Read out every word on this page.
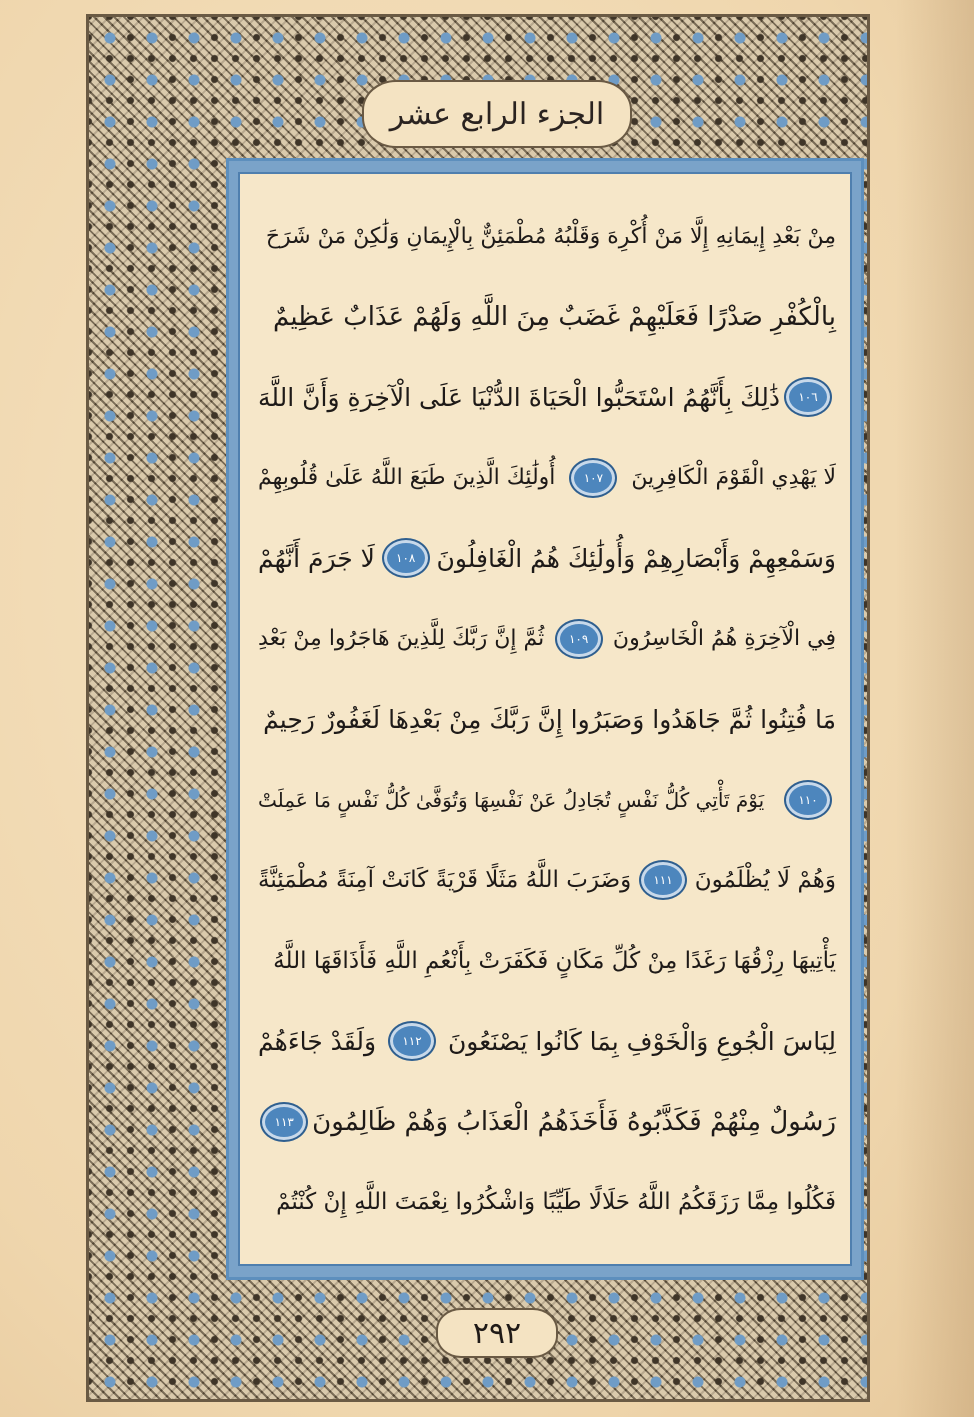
الجزء الرابع عشر
مِنْ بَعْدِ إِيمَانِهِ إِلَّا مَنْ أُكْرِهَ وَقَلْبُهُ مُطْمَئِنٌّ بِالْإِيمَانِ وَلَٰكِنْ مَنْ شَرَحَ
بِالْكُفْرِ صَدْرًا فَعَلَيْهِمْ غَضَبٌ مِنَ اللَّهِ وَلَهُمْ عَذَابٌ عَظِيمٌ
١٠٦
ذَٰلِكَ بِأَنَّهُمُ اسْتَحَبُّوا الْحَيَاةَ الدُّنْيَا عَلَى الْآخِرَةِ وَأَنَّ اللَّهَ
لَا يَهْدِي الْقَوْمَ الْكَافِرِينَ
١٠٧
أُولَٰئِكَ الَّذِينَ طَبَعَ اللَّهُ عَلَىٰ قُلُوبِهِمْ
وَسَمْعِهِمْ وَأَبْصَارِهِمْ وَأُولَٰئِكَ هُمُ الْغَافِلُونَ
١٠٨
لَا جَرَمَ أَنَّهُمْ
فِي الْآخِرَةِ هُمُ الْخَاسِرُونَ
١٠٩
ثُمَّ إِنَّ رَبَّكَ لِلَّذِينَ هَاجَرُوا مِنْ بَعْدِ
مَا فُتِنُوا ثُمَّ جَاهَدُوا وَصَبَرُوا إِنَّ رَبَّكَ مِنْ بَعْدِهَا لَغَفُورٌ رَحِيمٌ
١١٠
يَوْمَ تَأْتِي كُلُّ نَفْسٍ تُجَادِلُ عَنْ نَفْسِهَا وَتُوَفَّىٰ كُلُّ نَفْسٍ مَا عَمِلَتْ
وَهُمْ لَا يُظْلَمُونَ
١١١
وَضَرَبَ اللَّهُ مَثَلًا قَرْيَةً كَانَتْ آمِنَةً مُطْمَئِنَّةً
يَأْتِيهَا رِزْقُهَا رَغَدًا مِنْ كُلِّ مَكَانٍ فَكَفَرَتْ بِأَنْعُمِ اللَّهِ فَأَذَاقَهَا اللَّهُ
لِبَاسَ الْجُوعِ وَالْخَوْفِ بِمَا كَانُوا يَصْنَعُونَ
١١٢
وَلَقَدْ جَاءَهُمْ
رَسُولٌ مِنْهُمْ فَكَذَّبُوهُ فَأَخَذَهُمُ الْعَذَابُ وَهُمْ ظَالِمُونَ
١١٣
فَكُلُوا مِمَّا رَزَقَكُمُ اللَّهُ حَلَالًا طَيِّبًا وَاشْكُرُوا نِعْمَتَ اللَّهِ إِنْ كُنْتُمْ
٢٩٢
